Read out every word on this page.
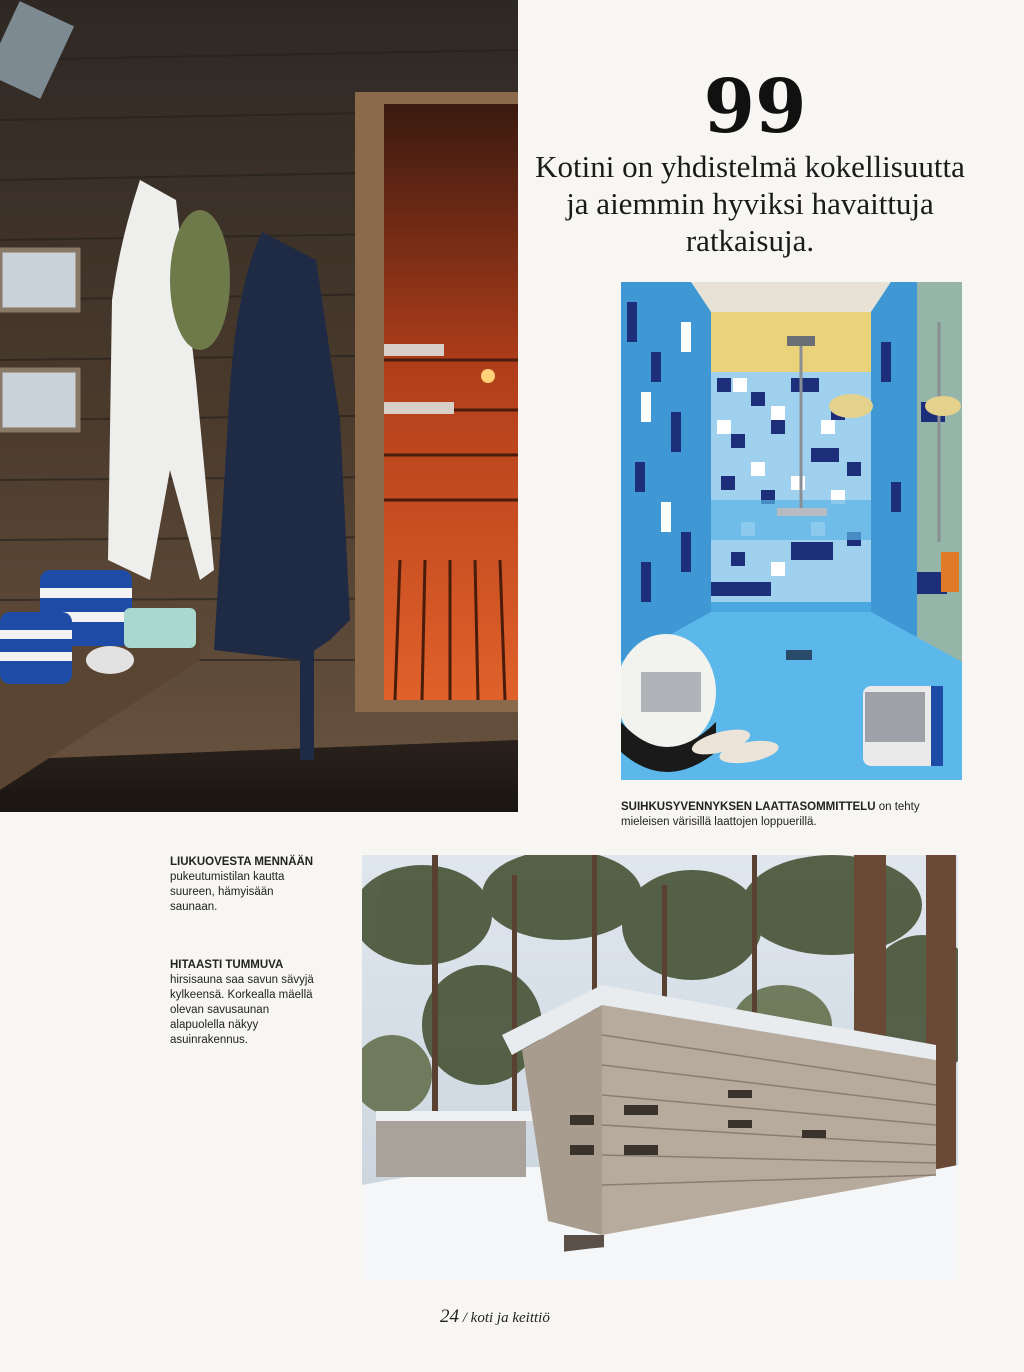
99
Kotini on yhdistelmä kokellisuutta ja aiemmin hyviksi havaittuja ratkaisuja.
SUIHKUSYVENNYKSEN LAATTASOMMITTELU on tehty mieleisen värisillä laattojen loppuerillä.
LIUKUOVESTA MENNÄÄN pukeutumistilan kautta suureen, hämyisään saunaan.
HITAASTI TUMMUVA
hirsisauna saa savun sävyjä kylkeensä. Korkealla mäellä olevan savusaunan alapuolella näkyy asuinrakennus.
24 / koti ja keittiö
